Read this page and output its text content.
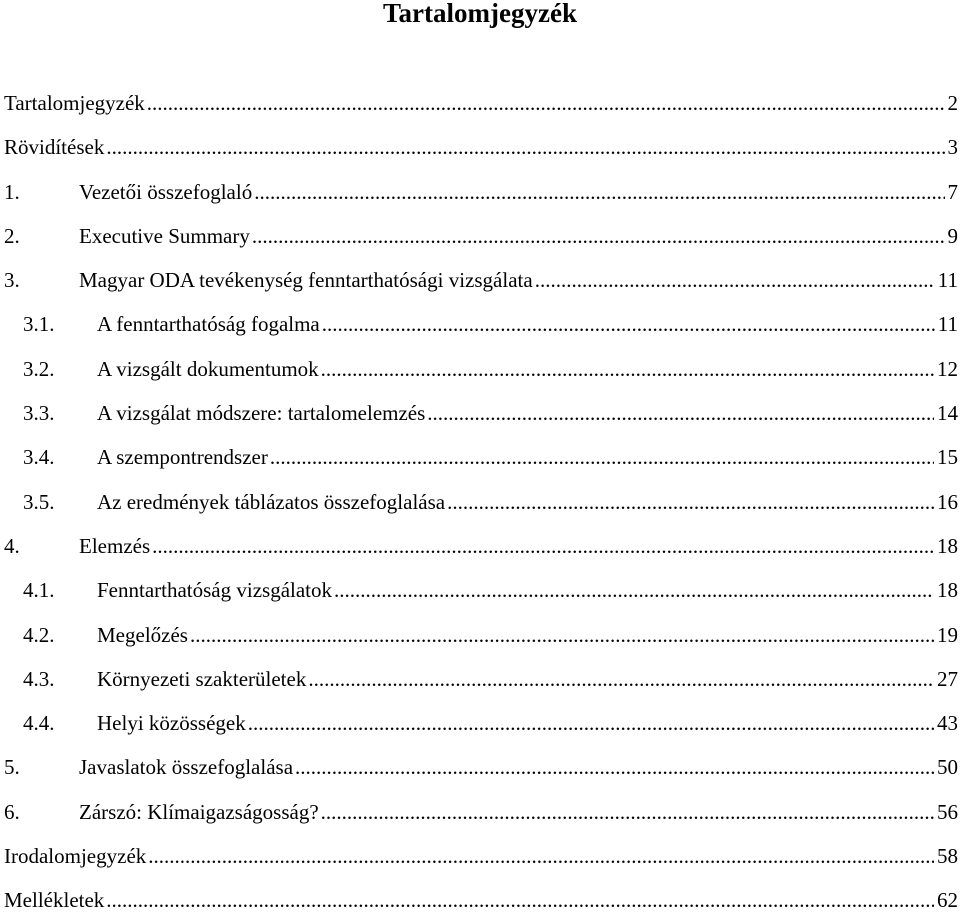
Tartalomjegyzék
Tartalomjegyzék .....	2
Rövidítések .....	3
1.	Vezetői összefoglaló .....	7
2.	Executive Summary .....	9
3.	Magyar ODA tevékenység fenntarthatósági vizsgálata .....	11
3.1.	A fenntarthatóság fogalma .....	11
3.2.	A vizsgált dokumentumok .....	12
3.3.	A vizsgálat módszere: tartalomelemzés .....	14
3.4.	A szempontrendszer .....	15
3.5.	Az eredmények táblázatos összefoglalása .....	16
4.	Elemzés .....	18
4.1.	Fenntarthatóság vizsgálatok .....	18
4.2.	Megelőzés .....	19
4.3.	Környezeti szakterületek .....	27
4.4.	Helyi közösségek .....	43
5.	Javaslatok összefoglalása .....	50
6.	Zárszó: Klímaigazságosság? .....	56
Irodalomjegyzék .....	58
Mellékletek .....	62
